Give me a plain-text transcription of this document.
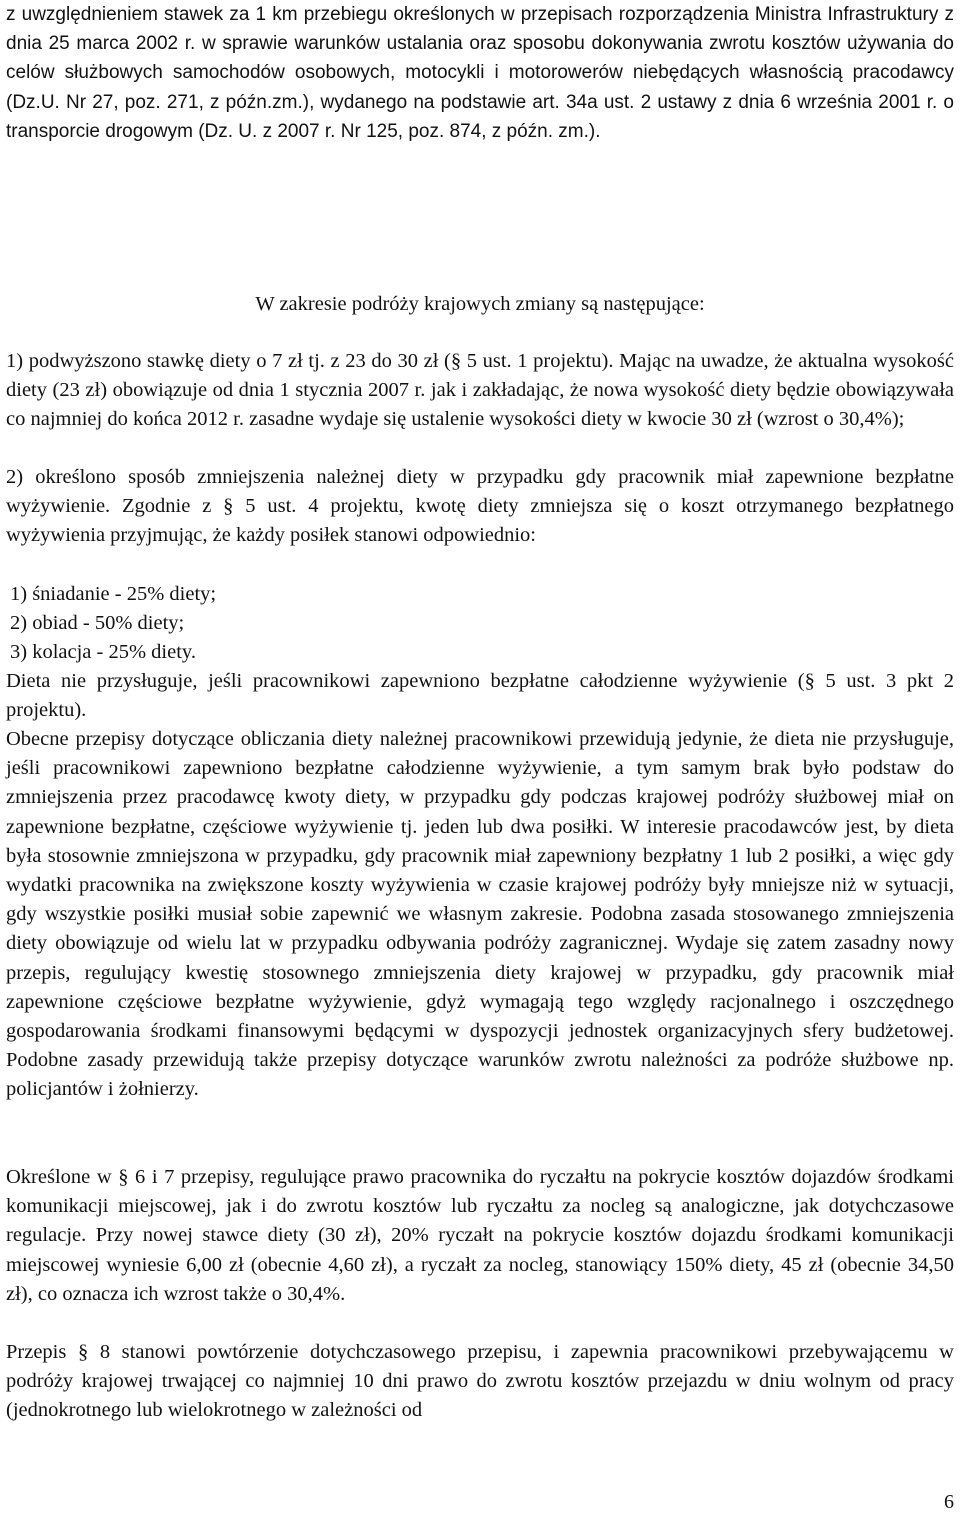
z uwzględnieniem stawek za 1 km przebiegu określonych w przepisach rozporządzenia Ministra Infrastruktury z dnia 25 marca 2002 r. w sprawie warunków ustalania oraz sposobu dokonywania zwrotu kosztów używania do celów służbowych samochodów osobowych, motocykli i motorowerów niebędących własnością pracodawcy (Dz.U. Nr 27, poz. 271, z późn.zm.), wydanego na podstawie art. 34a ust. 2 ustawy z dnia 6 września 2001 r. o transporcie drogowym (Dz. U. z 2007 r. Nr 125, poz. 874, z późn. zm.).

W zakresie podróży krajowych zmiany są następujące:

1) podwyższono stawkę diety o 7 zł tj. z 23 do 30 zł (§ 5 ust. 1 projektu). Mając na uwadze, że aktualna wysokość diety (23 zł) obowiązuje od dnia 1 stycznia 2007 r. jak i zakładając, że nowa wysokość diety będzie obowiązywała co najmniej do końca 2012 r. zasadne wydaje się ustalenie wysokości diety w kwocie 30 zł (wzrost o 30,4%);

2) określono sposób zmniejszenia należnej diety w przypadku gdy pracownik miał zapewnione bezpłatne wyżywienie. Zgodnie z § 5 ust. 4 projektu, kwotę diety zmniejsza się o koszt otrzymanego bezpłatnego wyżywienia przyjmując, że każdy posiłek stanowi odpowiednio:

1) śniadanie - 25% diety;
2) obiad - 50% diety;
3) kolacja - 25% diety.

Dieta nie przysługuje, jeśli pracownikowi zapewniono bezpłatne całodzienne wyżywienie (§ 5 ust. 3 pkt 2 projektu).

Obecne przepisy dotyczące obliczania diety należnej pracownikowi przewidują jedynie, że dieta nie przysługuje, jeśli pracownikowi zapewniono bezpłatne całodzienne wyżywienie, a tym samym brak było podstaw do zmniejszenia przez pracodawcę kwoty diety, w przypadku gdy podczas krajowej podróży służbowej miał on zapewnione bezpłatne, częściowe wyżywienie tj. jeden lub dwa posiłki. W interesie pracodawców jest, by dieta była stosownie zmniejszona w przypadku, gdy pracownik miał zapewniony bezpłatny 1 lub 2 posiłki, a więc gdy wydatki pracownika na zwiększone koszty wyżywienia w czasie krajowej podróży były mniejsze niż w sytuacji, gdy wszystkie posiłki musiał sobie zapewnić we własnym zakresie. Podobna zasada stosowanego zmniejszenia diety obowiązuje od wielu lat w przypadku odbywania podróży zagranicznej. Wydaje się zatem zasadny nowy przepis, regulujący kwestię stosownego zmniejszenia diety krajowej w przypadku, gdy pracownik miał zapewnione częściowe bezpłatne wyżywienie, gdyż wymagają tego względy racjonalnego i oszczędnego gospodarowania środkami finansowymi będącymi w dyspozycji jednostek organizacyjnych sfery budżetowej. Podobne zasady przewidują także przepisy dotyczące warunków zwrotu należności za podróże służbowe np. policjantów i żołnierzy.

Określone w § 6 i 7 przepisy, regulujące prawo pracownika do ryczałtu na pokrycie kosztów dojazdów środkami komunikacji miejscowej, jak i do zwrotu kosztów lub ryczałtu za nocleg są analogiczne, jak dotychczasowe regulacje. Przy nowej stawce diety (30 zł), 20% ryczałt na pokrycie kosztów dojazdu środkami komunikacji miejscowej wyniesie 6,00 zł (obecnie 4,60 zł), a ryczałt za nocleg, stanowiący 150% diety, 45 zł (obecnie 34,50 zł), co oznacza ich wzrost także o 30,4%.

Przepis § 8 stanowi powtórzenie dotychczasowego przepisu, i zapewnia pracownikowi przebywającemu w podróży krajowej trwającej co najmniej 10 dni prawo do zwrotu kosztów przejazdu w dniu wolnym od pracy (jednokrotnego lub wielokrotnego w zależności od

6
